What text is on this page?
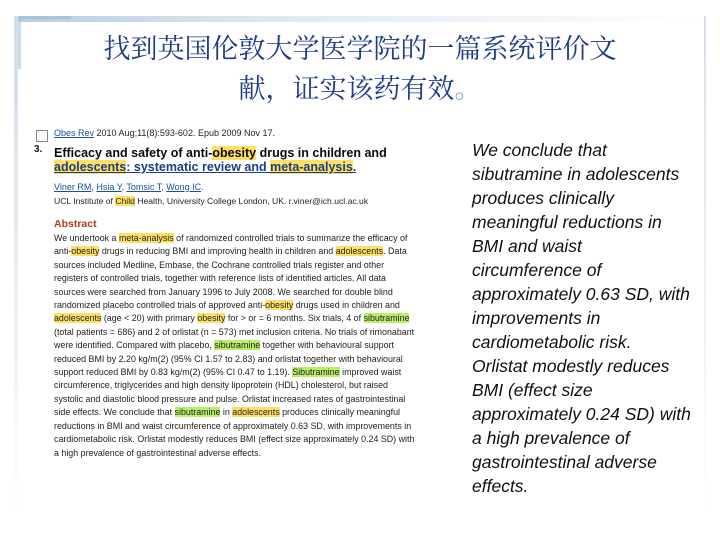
找到英国伦敦大学医学院的一篇系统评价文
献，证实该药有效。
3.
Obes Rev 2010 Aug;11(8):593-602. Epub 2009 Nov 17.
Efficacy and safety of anti-obesity drugs in children and
adolescents: systematic review and meta-analysis.
Viner RM, Hsia Y, Tomsic T, Wong IC.
UCL Institute of Child Health, University College London, UK. r.viner@ich.ucl.ac.uk
Abstract
We undertook a meta-analysis of randomized controlled trials to summarize the efficacy of
anti-obesity drugs in reducing BMI and improving health in children and adolescents. Data
sources included Medline, Embase, the Cochrane controlled trials register and other
registers of controlled trials, together with reference lists of identified articles. All data
sources were searched from January 1996 to July 2008. We searched for double blind
randomized placebo controlled trials of approved anti-obesity drugs used in children and
adolescents (age < 20) with primary obesity for > or = 6 months. Six trials, 4 of sibutramine
(total patients = 686) and 2 of orlistat (n = 573) met inclusion criteria. No trials of rimonabant
were identified. Compared with placebo, sibutramine together with behavioural support
reduced BMI by 2.20 kg/m(2) (95% CI 1.57 to 2.83) and orlistat together with behavioural
support reduced BMI by 0.83 kg/m(2) (95% CI 0.47 to 1.19). Sibutramine improved waist
circumference, triglycerides and high density lipoprotein (HDL) cholesterol, but raised
systolic and diastolic blood pressure and pulse. Orlistat increased rates of gastrointestinal
side effects. We conclude that sibutramine in adolescents produces clinically meaningful
reductions in BMI and waist circumference of approximately 0.63 SD, with improvements in
cardiometabolic risk. Orlistat modestly reduces BMI (effect size approximately 0.24 SD) with
a high prevalence of gastrointestinal adverse effects.
We conclude that
sibutramine in adolescents
produces clinically
meaningful reductions in
BMI and waist
circumference of
approximately 0.63 SD, with
improvements in
cardiometabolic risk.
Orlistat modestly reduces
BMI (effect size
approximately 0.24 SD) with
a high prevalence of
gastrointestinal adverse
effects.
